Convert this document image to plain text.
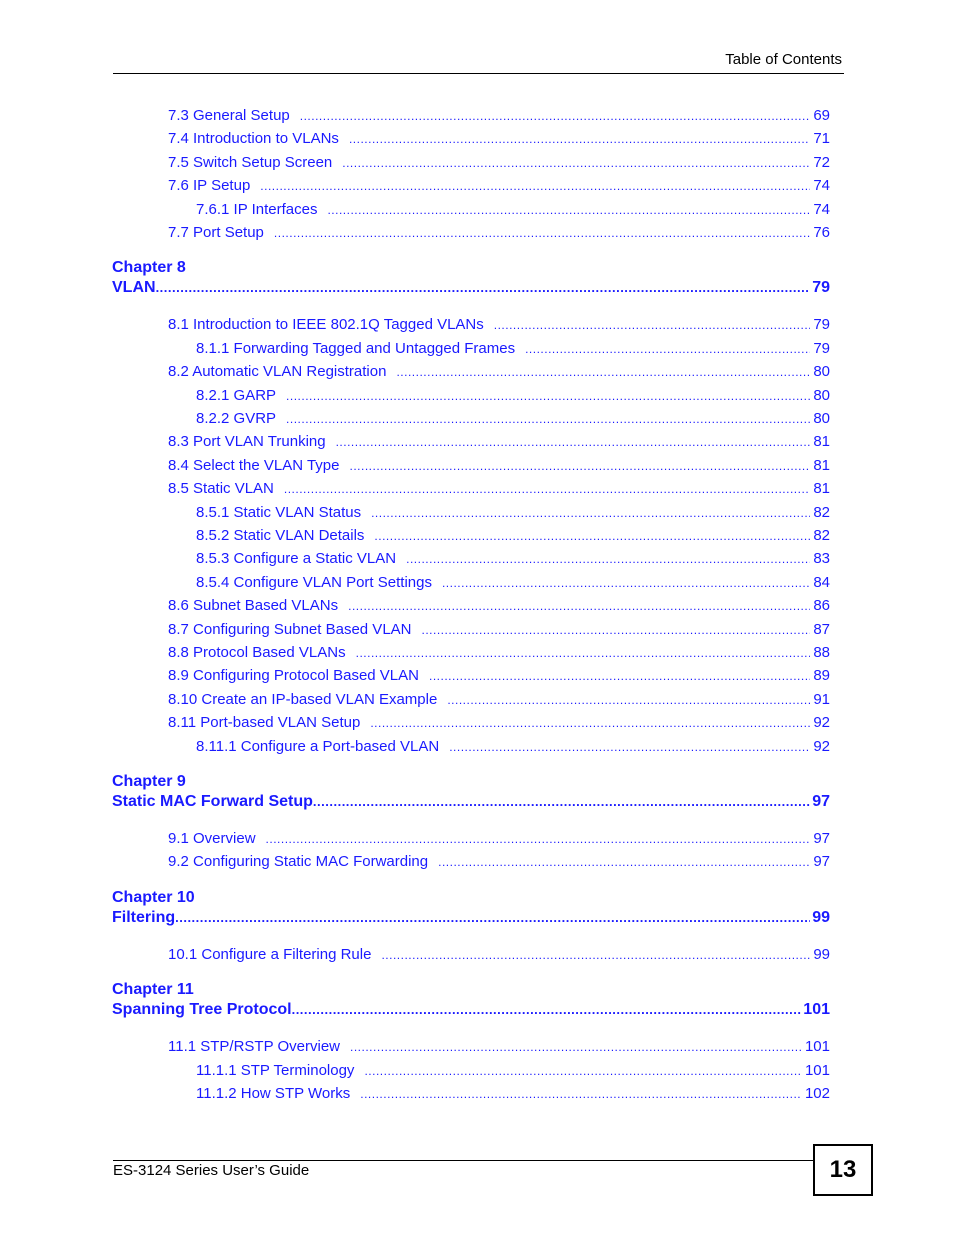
Table of Contents
7.3 General Setup .....	69
7.4 Introduction to VLANs .....	71
7.5 Switch Setup Screen .....	72
7.6 IP Setup .....	74
7.6.1 IP Interfaces .....	74
7.7 Port Setup .....	76
Chapter 8
VLAN .....	79
8.1 Introduction to IEEE 802.1Q Tagged VLANs .....	79
8.1.1 Forwarding Tagged and Untagged Frames .....	79
8.2 Automatic VLAN Registration .....	80
8.2.1 GARP .....	80
8.2.2 GVRP .....	80
8.3 Port VLAN Trunking .....	81
8.4 Select the VLAN Type .....	81
8.5 Static VLAN .....	81
8.5.1 Static VLAN Status .....	82
8.5.2 Static VLAN Details .....	82
8.5.3 Configure a Static VLAN .....	83
8.5.4 Configure VLAN Port Settings .....	84
8.6 Subnet Based VLANs .....	86
8.7 Configuring Subnet Based VLAN .....	87
8.8 Protocol Based VLANs .....	88
8.9 Configuring Protocol Based VLAN .....	89
8.10 Create an IP-based VLAN Example .....	91
8.11 Port-based VLAN Setup .....	92
8.11.1 Configure a Port-based VLAN .....	92
Chapter 9
Static MAC Forward Setup .....	97
9.1 Overview .....	97
9.2 Configuring Static MAC Forwarding .....	97
Chapter 10
Filtering .....	99
10.1 Configure a Filtering Rule .....	99
Chapter 11
Spanning Tree Protocol .....	101
11.1 STP/RSTP Overview .....	101
11.1.1 STP Terminology .....	101
11.1.2 How STP Works .....	102
ES-3124 Series User’s Guide	13
